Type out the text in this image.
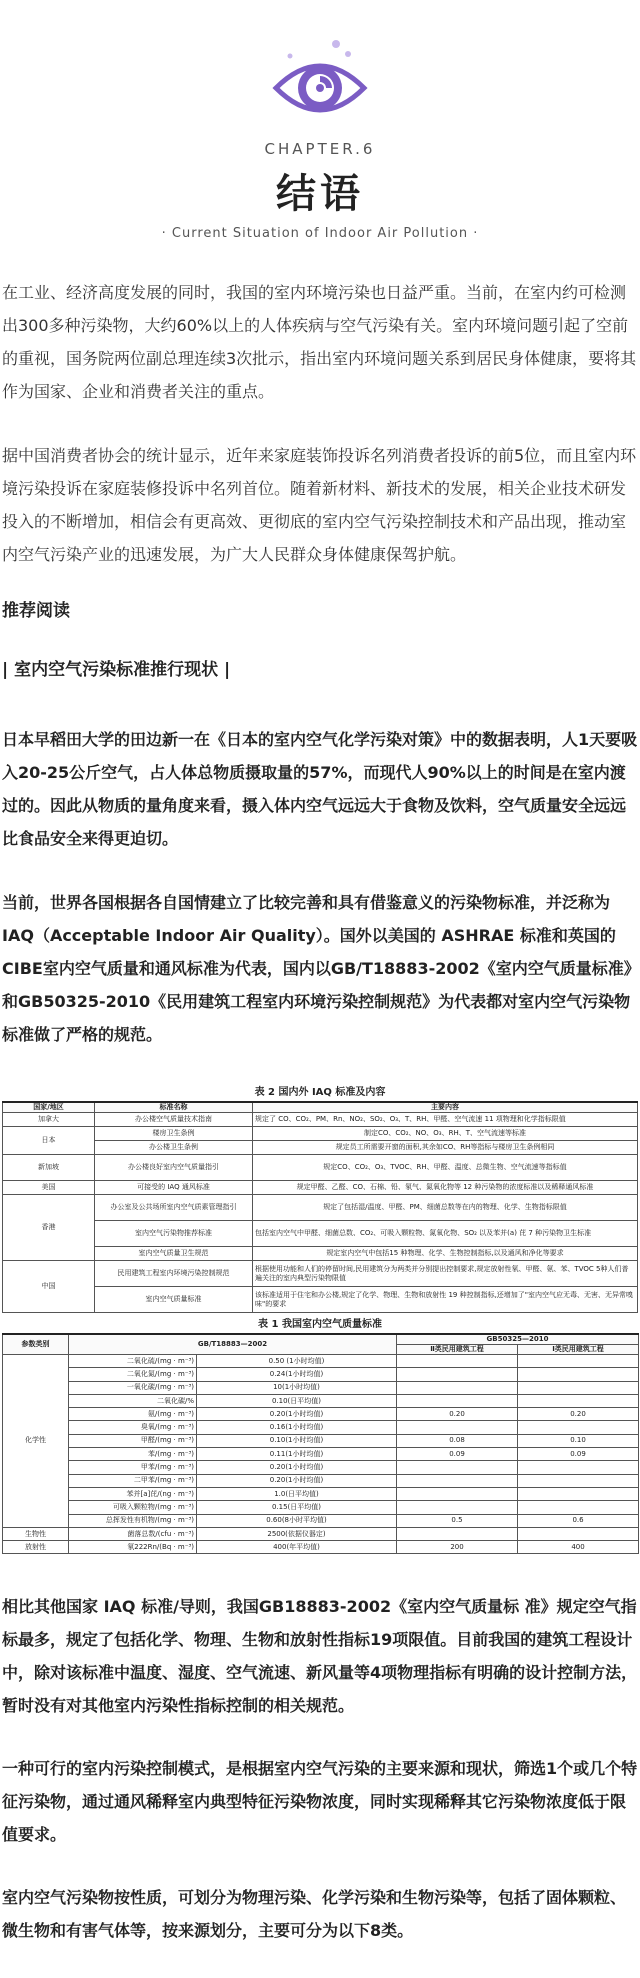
CHAPTER.6
结语
· Current Situation of Indoor Air Pollution ·

在工业、经济高度发展的同时，我国的室内环境污染也日益严重。当前，在室内约可检测出300多种污染物，大约60%以上的人体疾病与空气污染有关。室内环境问题引起了空前的重视，国务院两位副总理连续3次批示，指出室内环境问题关系到居民身体健康，要将其作为国家、企业和消费者关注的重点。

据中国消费者协会的统计显示，近年来家庭装饰投诉名列消费者投诉的前5位，而且室内环境污染投诉在家庭装修投诉中名列首位。随着新材料、新技术的发展，相关企业技术研发投入的不断增加，相信会有更高效、更彻底的室内空气污染控制技术和产品出现，推动室内空气污染产业的迅速发展，为广大人民群众身体健康保驾护航。

推荐阅读
| 室内空气污染标准推行现状 |

日本早稻田大学的田边新一在《日本的室内空气化学污染对策》中的数据表明，人1天要吸入20-25公斤空气，占人体总物质摄取量的57%，而现代人90%以上的时间是在室内渡过的。因此从物质的量角度来看，摄入体内空气远远大于食物及饮料，空气质量安全远远比食品安全来得更迫切。

当前，世界各国根据各自国情建立了比较完善和具有借鉴意义的污染物标准，并泛称为IAQ（Acceptable Indoor Air Quality）。国外以美国的 ASHRAE 标准和英国的CIBE室内空气质量和通风标准为代表，国内以GB/T18883-2002《室内空气质量标准》和GB50325-2010《民用建筑工程室内环境污染控制规范》为代表都对室内空气污染物标准做了严格的规范。

表 2 国内外 IAQ 标准及内容
国家/地区	标准名称	主要内容
加拿大	办公楼空气质量技术指南	规定了 CO、CO₂、PM、Rn、NO₂、SO₂、O₃、T、RH、甲醛、空气流速 11 项物理和化学指标限值
日本	楼房卫生条例	制定CO、CO₂、NO、O₃、RH、T、空气流速等标准
	办公楼卫生条例	规定员工所需要开窗的面积,其余如CO、RH等指标与楼房卫生条例相同
新加坡	办公楼良好室内空气质量指引	规定CO、CO₂、O₃、TVOC、RH、甲醛、温度、总微生物、空气流速等指标值
美国	可接受的 IAQ 通风标准	规定甲醛、乙醛、CO、石棉、铅、氡气、氮氧化物等 12 种污染物的浓度标准以及稀释通风标准
香港	办公室及公共场所室内空气质素管理指引	规定了包括湿/温度、甲醛、PM、细菌总数等在内的物理、化学、生物指标限值
	室内空气污染物推荐标准	包括室内空气中甲醛、细菌总数、CO₂、可吸入颗粒物、氮氧化物、SO₂ 以及苯并(a) 芘 7 种污染物卫生标准
	室内空气质量卫生规范	规定室内空气中包括15 种物理、化学、生物控制指标,以及通风和净化等要求
中国	民用建筑工程室内环境污染控制规范	根据使用功能和人们的停留时间,民用建筑分为两类并分别提出控制要求,规定放射性氡、甲醛、氨、苯、TVOC 5种人们普遍关注的室内典型污染物限值
	室内空气质量标准	该标准适用于住宅和办公楼,规定了化学、物理、生物和放射性 19 种控制指标,还增加了"室内空气应无毒、无害、无异常嗅味"的要求
表 1 我国室内空气质量标准
参数类别	GB/T18883—2002		GB50325—2010	
			Ⅱ类民用建筑工程	Ⅰ类民用建筑工程
化学性	二氧化硫/(mg · m⁻³)	0.50 (1小时均值)		
	二氧化氮/(mg · m⁻³)	0.24(1小时均值)		
	一氧化碳/(mg · m⁻³)	10(1小时均值)		
	二氧化碳/%	0.10(日平均值)		
	氨/(mg · m⁻³)	0.20(1小时均值)	0.20	0.20
	臭氧/(mg · m⁻³)	0.16(1小时均值)		
	甲醛/(mg · m⁻³)	0.10(1小时均值)	0.08	0.10
	苯/(mg · m⁻³)	0.11(1小时均值)	0.09	0.09
	甲苯/(mg · m⁻³)	0.20(1小时均值)		
	二甲苯/(mg · m⁻³)	0.20(1小时均值)		
	苯并[a]芘/(ng · m⁻³)	1.0(日平均值)		
	可吸入颗粒物/(mg · m⁻³)	0.15(日平均值)		
	总挥发性有机物/(mg · m⁻³)	0.60(8小时平均值)	0.5	0.6
生物性	菌落总数/(cfu · m⁻³)	2500(依据仪器定)		
放射性	氡222Rn/(Bq · m⁻³)	400(年平均值)	200	400

相比其他国家 IAQ 标准/导则，我国GB18883-2002《室内空气质量标 准》规定空气指标最多，规定了包括化学、物理、生物和放射性指标19项限值。目前我国的建筑工程设计中，除对该标准中温度、湿度、空气流速、新风量等4项物理指标有明确的设计控制方法，暂时没有对其他室内污染性指标控制的相关规范。

一种可行的室内污染控制模式，是根据室内空气污染的主要来源和现状，筛选1个或几个特征污染物，通过通风稀释室内典型特征污染物浓度，同时实现稀释其它污染物浓度低于限值要求。

室内空气污染物按性质，可划分为物理污染、化学污染和生物污染等，包括了固体颗粒、微生物和有害气体等，按来源划分，主要可分为以下8类。
